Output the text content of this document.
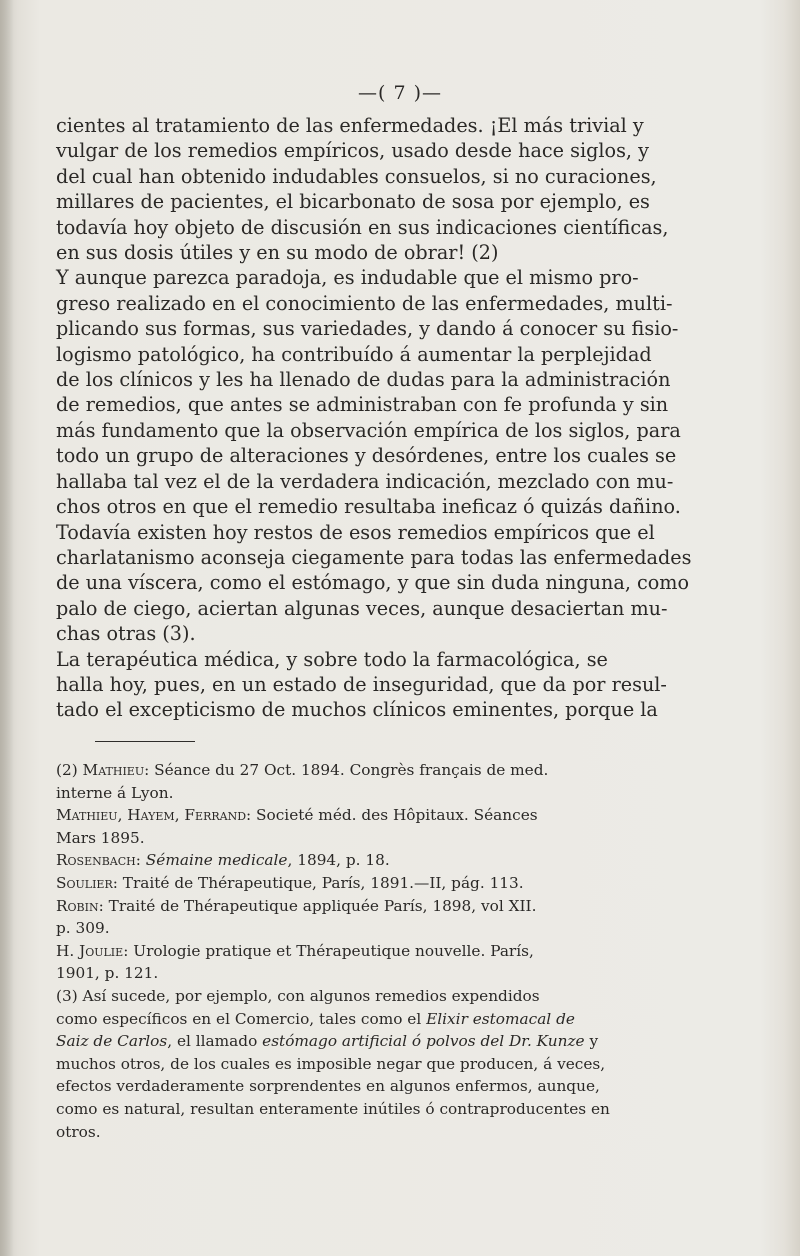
—( 7 )—

cientes al tratamiento de las enfermedades. ¡El más trivial y
vulgar de los remedios empíricos, usado desde hace siglos, y
del cual han obtenido indudables consuelos, si no curaciones,
millares de pacientes, el bicarbonato de sosa por ejemplo, es
todavía hoy objeto de discusión en sus indicaciones científicas,
en sus dosis útiles y en su modo de obrar! (2)

Y aunque parezca paradoja, es indudable que el mismo pro-
greso realizado en el conocimiento de las enfermedades, multi-
plicando sus formas, sus variedades, y dando á conocer su fisio-
logismo patológico, ha contribuído á aumentar la perplejidad
de los clínicos y les ha llenado de dudas para la administración
de remedios, que antes se administraban con fe profunda y sin
más fundamento que la observación empírica de los siglos, para
todo un grupo de alteraciones y desórdenes, entre los cuales se
hallaba tal vez el de la verdadera indicación, mezclado con mu-
chos otros en que el remedio resultaba ineficaz ó quizás dañino.
Todavía existen hoy restos de esos remedios empíricos que el
charlatanismo aconseja ciegamente para todas las enfermedades
de una víscera, como el estómago, y que sin duda ninguna, como
palo de ciego, aciertan algunas veces, aunque desaciertan mu-
chas otras (3).

La terapéutica médica, y sobre todo la farmacológica, se
halla hoy, pues, en un estado de inseguridad, que da por resul-
tado el excepticismo de muchos clínicos eminentes, porque la

(2) Mathieu: Séance du 27 Oct. 1894. Congrès français de med.
interne á Lyon.

Mathieu, Hayem, Ferrand: Societé méd. des Hôpitaux. Séances
Mars 1895.

Rosenbach: Sémaine medicale, 1894, p. 18.

Soulier: Traité de Thérapeutique, París, 1891.—II, pág. 113.

Robin: Traité de Thérapeutique appliquée París, 1898, vol XII.
p. 309.

H. Joulie: Urologie pratique et Thérapeutique nouvelle. París,
1901, p. 121.

(3) Así sucede, por ejemplo, con algunos remedios expendidos
como específicos en el Comercio, tales como el Elixir estomacal de
Saiz de Carlos, el llamado estómago artificial ó polvos del Dr. Kunze y
muchos otros, de los cuales es imposible negar que producen, á veces,
efectos verdaderamente sorprendentes en algunos enfermos, aunque,
como es natural, resultan enteramente inútiles ó contraproducentes en
otros.
